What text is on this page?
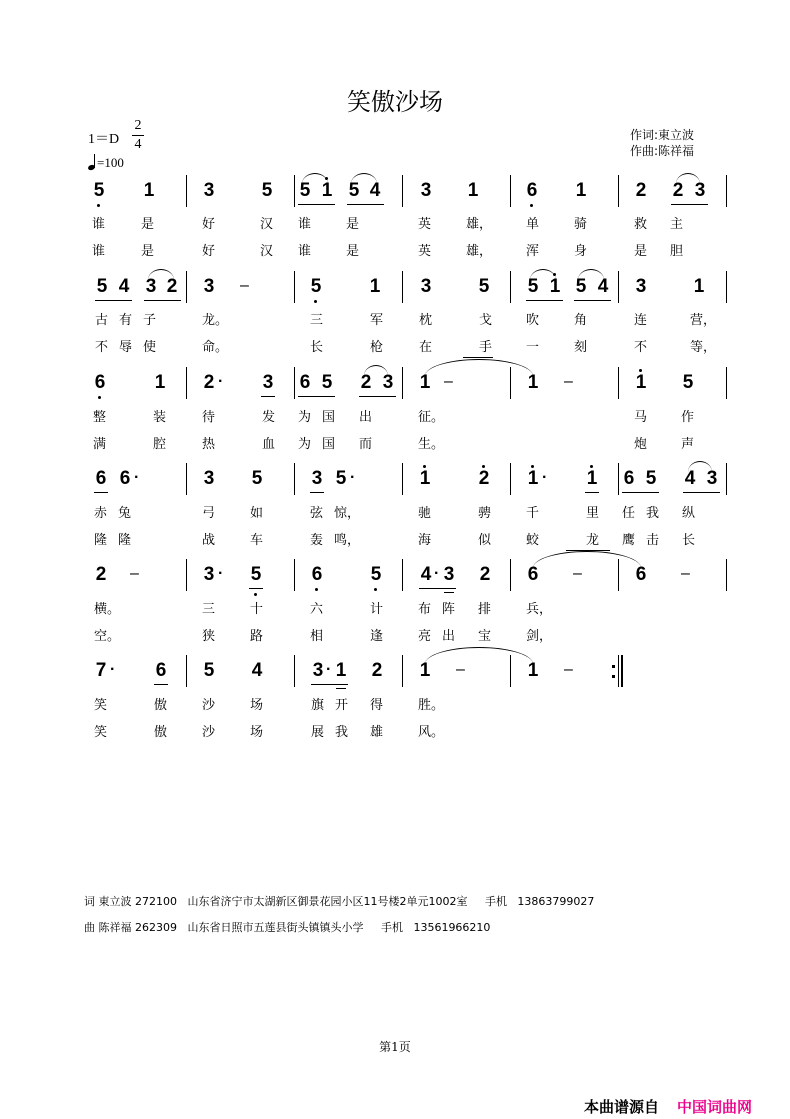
笑傲沙场
1＝D
2
4
=100
作词:東立波
作曲:陈祥福
5 1	3 5 5 1 5 4 3 1	6 1	2 2 3
谁	是	好	汉 谁	是	英	雄，	单	骑	救 主
谁	是	好	汉 谁	是	英	雄，	浑	身	是 胆
5 4 3 2 3 –	5	1 3 5 5 1 5 4 3 1
古 有 子	龙。	三	军	枕	戈	吹	角	连	营，
不 辱 使	命。	长	枪	在	手	一	刻	不	等，
6	1 2 · 3 6 5 2 3 1 –	1 –	1 5
整	装	待	发 为 国 出	征。	马	作
满	腔	热	血 为 国 而	生。	炮	声
6 6 ·	3 5	3 5 ·	1	2 1 · 1 6 5 4 3
赤 兔	弓	如	弦 惊，	驰	骋	千	里 任 我 纵
隆 隆	战	车	轰 鸣，	海	似	蛟	龙 鹰 击 长
2 –	3 · 5	6	5 4 · 3 2 6 –	6 –
横。	三	十	六	计	布 阵 排	兵，
空。	狭	路	相	逢	亮 出 宝	剑，
7 · 6 5 4	3 · 1 2 1 –	1 –
笑	傲	沙	场	旗 开 得	胜。
笑	傲	沙	场	展 我 雄	风。
词 東立波 272100   山东省济宁市太湖新区御景花园小区11号楼2单元1002室     手机   13863799027
曲 陈祥福 262309   山东省日照市五莲县街头镇镇头小学     手机   13561966210
第1页
本曲谱源自 中国词曲网
